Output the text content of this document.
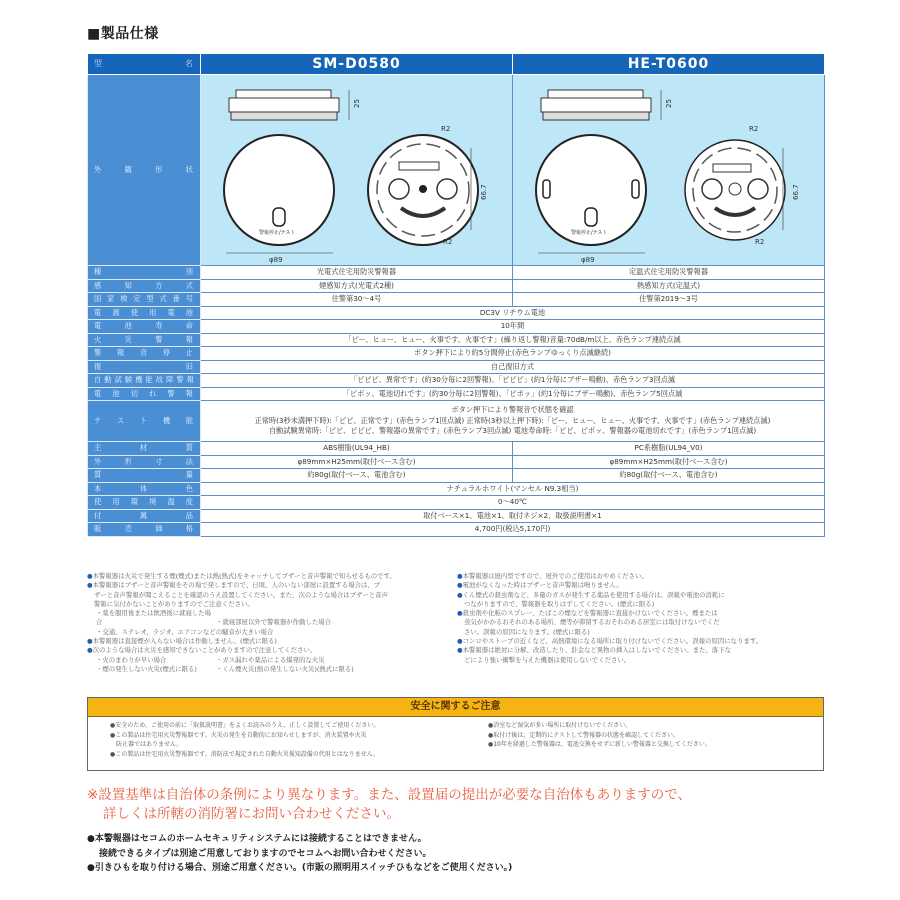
■製品仕様
型　　名	SM-D0580	HE-T0600
外　観　形　状	
25
警報停止/テスト
φ89
66.7
R2
R2

25
警報停止/テスト
φ89
66.7
R2
R2

種　　　　別	光電式住宅用防災警報器	定温式住宅用防災警報器
感　知　方　式	煙感知方式(光電式2種)	熱感知方式(定温式)
国家検定型式番号	住警第30〜4号	住警第2019〜3号
電源使用電池	DC3V リチウム電池	
電　池　寿　命	10年間	
火　災　警　報	「ピー、ヒュー、ヒュー、火事です、火事です」(繰り返し警報)音量:70dB/m以上、赤色ランプ連続点滅	
警報音停止	ボタン押下により約5分間停止(赤色ランプゆっくり点滅継続)	
復　　　　旧	自己復旧方式	
自動試験機能故障警報	「ピピピ、異常です」(約30分毎に2回警報)、「ピピピ」(約1分毎にブザー鳴動)、赤色ランプ3回点滅	
電池切れ警報	「ピポッ、電池切れです」(約30分毎に2回警報)、「ピポッ」(約1分毎にブザー鳴動)、赤色ランプ5回点滅	
テ　ス　ト　機　能	ボタン押下により警報音で状態を確認
正常時(3秒未満押下時):「ピピ、正常です」(赤色ランプ1回点滅) 正常時(3秒以上押下時):「ピー、ヒュー、ヒュー、火事です、火事です」(赤色ランプ連続点滅)
自動試験異常時:「ピピ、ピピピ、警報器の異常です」(赤色ランプ3回点滅) 電池寿命時:「ピピ、ピポッ、警報器の電池切れです」(赤色ランプ1回点滅)	

主　材　質	ABS樹脂(UL94_HB)	PC系樹脂(UL94_V0)
外　形　寸　法	φ89mm×H25mm(取付ベース含む)	φ89mm×H25mm(取付ベース含む)
質　　　量	約80g(取付ベース、電池含む)	約80g(取付ベース、電池含む)
本　体　色	ナチュラルホワイト(マンセル N9.3相当)	
使用環境温度	0〜40℃	
付　属　品	取付ベース×1、電池×1、取付ネジ×2、取扱説明書×1	
販　売　価　格	4,700円(税込5,170円)	
●本警報器は火災で発生する煙(煙式)または熱(熱式)をキャッチしてブザーと音声警報で知らせるものです。
●本警報器はブザーと音声警報をその場で発しますので、日頃、人のいない部屋に設置する場合は、ブ
ザーと音声警報が聞こえることを確認のうえ設置してください。また、次のような場合はブザーと音声
警報に気付かないことがありますのでご注意ください。
・薬を服用後または飲酒後に就寝した場合	・就寝部屋以外で警報器が作動した場合
・交通、ステレオ、ラジオ、エアコンなどの騒音が大きい場合
●本警報器は直接煙が入らない場合は作動しません。(煙式に限る)
●次のような場合は火災を感知できないことがありますので注意してください。
・火のまわりが早い場合	・ガス漏れや薬品による爆発的な火災
・煙の発生しない火災(煙式に限る)	・くん煙火災(熱の発生しない火災)(熱式に限る)
●本警報器は屋内型ですので、屋外でのご使用はおやめください。
●電池がなくなった時はブザーと音声警報は鳴りません。
●くん煙式の殺虫剤など、多量のガスが発生する薬品を使用する場合は、誤報や電池の消耗に
つながりますので、警報器を取りはずしてください。(煙式に限る)
●殺虫剤や化粧のスプレー、たばこの煙などを警報器に直接かけないでください。煙または
蒸気がかかるおそれのある場所、煙等が滞留するおそれのある居室には取付けないでくだ
さい。誤報の原因になります。(煙式に限る)
●コンロやストーブの近くなど、高熱環境になる場所に取り付けないでください。誤報の原因になります。
●本警報器は絶対に分解、改造したり、針金など異物の挿入はしないでください。また、落下な
どにより強い衝撃を与えた機器は使用しないでください。
安全に関するご注意
●安全のため、ご使用の前に「取扱説明書」をよくお読みのうえ、正しく設置してご使用ください。
●この製品は住宅用火災警報器です。火災の発生を自動的にお知らせしますが、消火装置や火災
　防止器ではありません。
●この製品は住宅用火災警報器です。消防法で規定された自動火災報知設備の代用とはなりません。
●浴室など湿気が多い場所に取付けないでください。
●取付け後は、定期的にテストして警報器の状態を確認してください。
●10年を経過した警報器は、電池交換をせずに新しい警報器と交換してください。
※設置基準は自治体の条例により異なります。また、設置届の提出が必要な自治体もありますので、
詳しくは所轄の消防署にお問い合わせください。
●本警報器はセコムのホームセキュリティシステムには接続することはできません。
接続できるタイプは別途ご用意しておりますのでセコムへお問い合わせください。
●引きひもを取り付ける場合、別途ご用意ください。(市販の照明用スイッチひもなどをご使用ください。)
